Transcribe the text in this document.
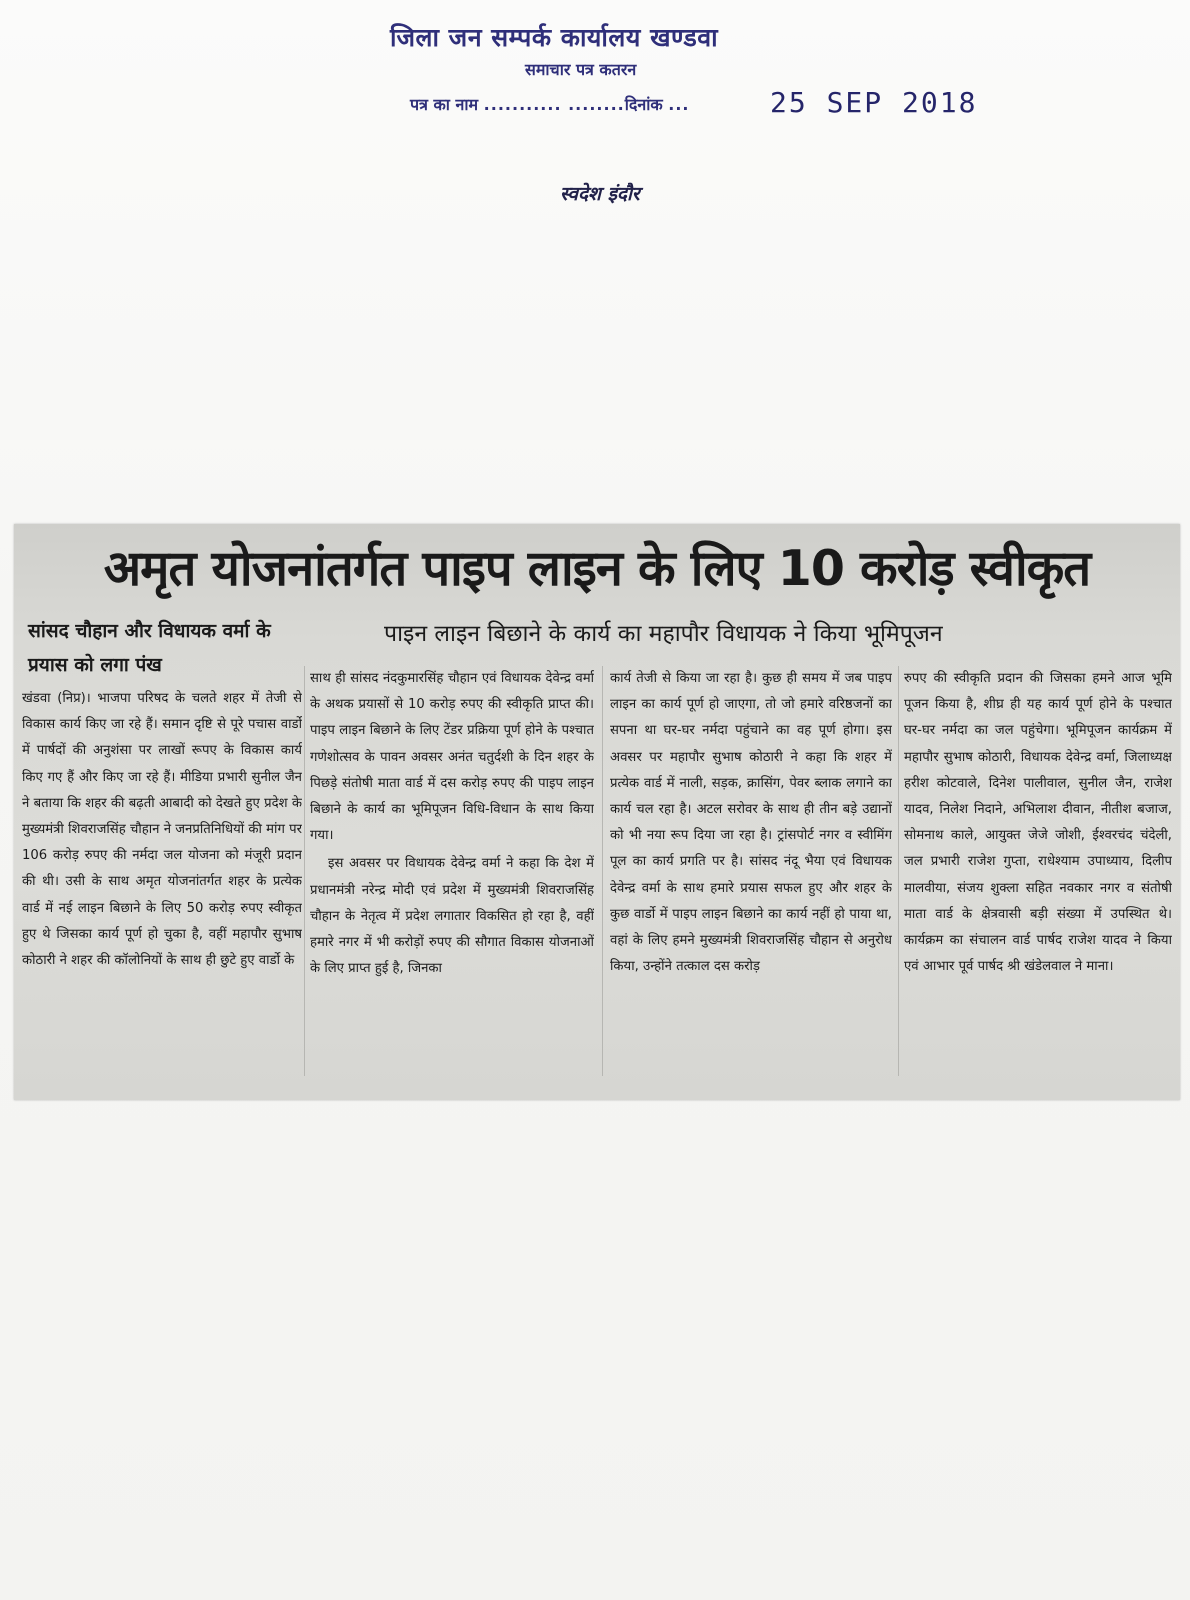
जिला जन सम्पर्क कार्यालय खण्डवा
समाचार पत्र कतरन
पत्र का नाम ........... ........दिनांक ...	25 SEP 2018
स्वदेश इंदौर
अमृत योजनांतर्गत पाइप लाइन के लिए 10 करोड़ स्वीकृत
सांसद चौहान और विधायक वर्मा के प्रयास को लगा पंख
पाइन लाइन बिछाने के कार्य का महापौर विधायक ने किया भूमिपूजन

खंडवा (निप्र)। भाजपा परिषद के चलते शहर में तेजी से विकास कार्य किए जा रहे हैं। समान दृष्टि से पूरे पचास वार्डो में पार्षदों की अनुशंसा पर लाखों रूपए के विकास कार्य किए गए हैं और किए जा रहे हैं। मीडिया प्रभारी सुनील जैन ने बताया कि शहर की बढ़ती आबादी को देखते हुए प्रदेश के मुख्यमंत्री शिवराजसिंह चौहान ने जनप्रतिनिधियों की मांग पर 106 करोड़ रुपए की नर्मदा जल योजना को मंजूरी प्रदान की थी। उसी के साथ अमृत योजनांतर्गत शहर के प्रत्येक वार्ड में नई लाइन बिछाने के लिए 50 करोड़ रुपए स्वीकृत हुए थे जिसका कार्य पूर्ण हो चुका है, वहीं महापौर सुभाष कोठारी ने शहर की कॉलोनियों के साथ ही छुटे हुए वार्डो के

साथ ही सांसद नंदकुमारसिंह चौहान एवं विधायक देवेन्द्र वर्मा के अथक प्रयासों से 10 करोड़ रुपए की स्वीकृति प्राप्त की। पाइप लाइन बिछाने के लिए टेंडर प्रक्रिया पूर्ण होने के पश्चात गणेशोत्सव के पावन अवसर अनंत चतुर्दशी के दिन शहर के पिछड़े संतोषी माता वार्ड में दस करोड़ रुपए की पाइप लाइन बिछाने के कार्य का भूमिपूजन विधि-विधान के साथ किया गया।

इस अवसर पर विधायक देवेन्द्र वर्मा ने कहा कि देश में प्रधानमंत्री नरेन्द्र मोदी एवं प्रदेश में मुख्यमंत्री शिवराजसिंह चौहान के नेतृत्व में प्रदेश लगातार विकसित हो रहा है, वहीं हमारे नगर में भी करोड़ों रुपए की सौगात विकास योजनाओं के लिए प्राप्त हुई है, जिनका

कार्य तेजी से किया जा रहा है। कुछ ही समय में जब पाइप लाइन का कार्य पूर्ण हो जाएगा, तो जो हमारे वरिष्ठजनों का सपना था घर-घर नर्मदा पहुंचाने का वह पूर्ण होगा। इस अवसर पर महापौर सुभाष कोठारी ने कहा कि शहर में प्रत्येक वार्ड में नाली, सड़क, क्रासिंग, पेवर ब्लाक लगाने का कार्य चल रहा है। अटल सरोवर के साथ ही तीन बड़े उद्यानों को भी नया रूप दिया जा रहा है। ट्रांसपोर्ट नगर व स्वीमिंग पूल का कार्य प्रगति पर है। सांसद नंदू भैया एवं विधायक देवेन्द्र वर्मा के साथ हमारे प्रयास सफल हुए और शहर के कुछ वार्डो में पाइप लाइन बिछाने का कार्य नहीं हो पाया था, वहां के लिए हमने मुख्यमंत्री शिवराजसिंह चौहान से अनुरोध किया, उन्होंने तत्काल दस करोड़

रुपए की स्वीकृति प्रदान की जिसका हमने आज भूमि पूजन किया है, शीघ्र ही यह कार्य पूर्ण होने के पश्चात घर-घर नर्मदा का जल पहुंचेगा। भूमिपूजन कार्यक्रम में महापौर सुभाष कोठारी, विधायक देवेन्द्र वर्मा, जिलाध्यक्ष हरीश कोटवाले, दिनेश पालीवाल, सुनील जैन, राजेश यादव, निलेश निदाने, अभिलाश दीवान, नीतीश बजाज, सोमनाथ काले, आयुक्त जेजे जोशी, ईश्वरचंद चंदेली, जल प्रभारी राजेश गुप्ता, राधेश्याम उपाध्याय, दिलीप मालवीया, संजय शुक्ला सहित नवकार नगर व संतोषी माता वार्ड के क्षेत्रवासी बड़ी संख्या में उपस्थित थे। कार्यक्रम का संचालन वार्ड पार्षद राजेश यादव ने किया एवं आभार पूर्व पार्षद श्री खंडेलवाल ने माना।
